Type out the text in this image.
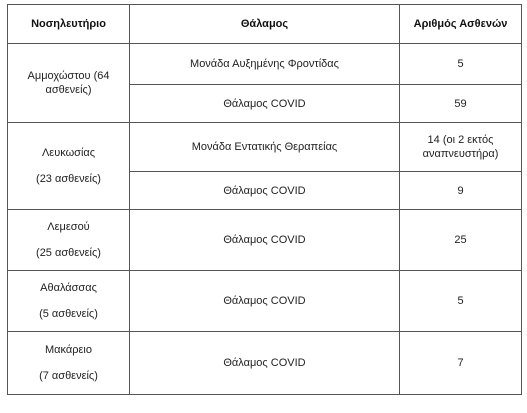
Νοσηλευτήριο	Θάλαμος	Αριθμός Ασθενών

Αμμοχώστου (64
ασθενείς)	Μονάδα Αυξημένης Φροντίδας	5
	Θάλαμος COVID	59

Λευκωσίας
(23 ασθενείς)	Μονάδα Εντατικής Θεραπείας	14 (οι 2 εκτός
αναπνευστήρα)

	Θάλαμος COVID	9

Λεμεσού
(25 ασθενείς)	Θάλαμος COVID	25

Αθαλάσσας
(5 ασθενείς)	Θάλαμος COVID	5

Μακάρειο
(7 ασθενείς)	Θάλαμος COVID	7
